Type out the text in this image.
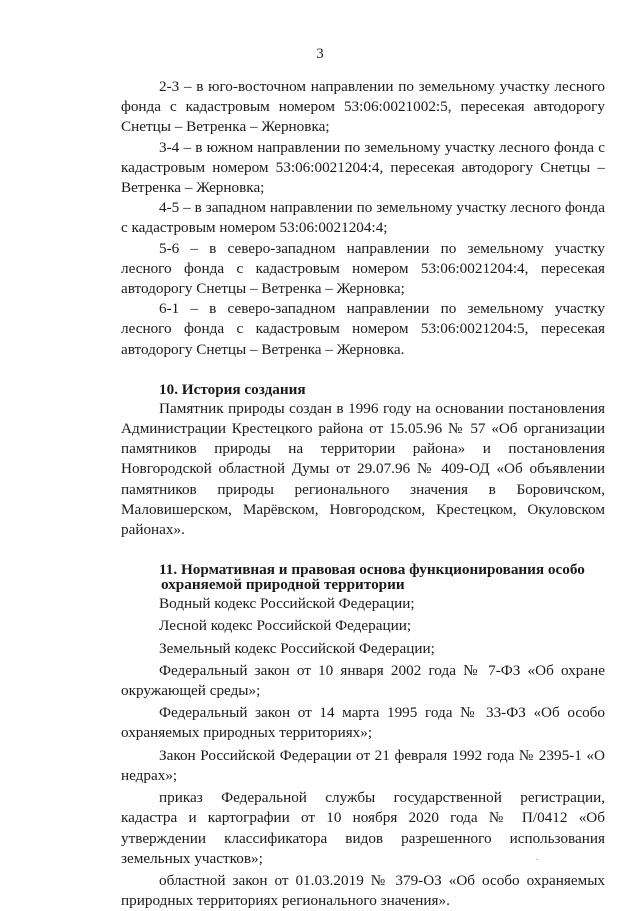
3

2-3 – в юго-восточном направлении по земельному участку лесного фонда с кадастровым номером 53:06:0021002:5, пересекая автодорогу Снетцы – Ветренка – Жерновка;

3-4 – в южном направлении по земельному участку лесного фонда с кадастровым номером 53:06:0021204:4, пересекая автодорогу Снетцы – Ветренка – Жерновка;

4-5 – в западном направлении по земельному участку лесного фонда с кадастровым номером 53:06:0021204:4;

5-6 – в северо-западном направлении по земельному участку лесного фонда с кадастровым номером 53:06:0021204:4, пересекая автодорогу Снетцы – Ветренка – Жерновка;

6-1 – в северо-западном направлении по земельному участку лесного фонда с кадастровым номером 53:06:0021204:5, пересекая автодорогу Снетцы – Ветренка – Жерновка.

10. История создания

Памятник природы создан в 1996 году на основании постановления Администрации Крестецкого района от 15.05.96 № 57 «Об организации памятников природы на территории района» и постановления Новгородской областной Думы от 29.07.96 № 409-ОД «Об объявлении памятников природы регионального значения в Боровичском, Маловишерском, Марёвском, Новгородском, Крестецком, Окуловском районах».

11. Нормативная и правовая основа функционирования особо
охраняемой природной территории

Водный кодекс Российской Федерации;

Лесной кодекс Российской Федерации;

Земельный кодекс Российской Федерации;

Федеральный закон от 10 января 2002 года № 7-ФЗ «Об охране окружающей среды»;

Федеральный закон от 14 марта 1995 года № 33-ФЗ «Об особо охраняемых природных территориях»;

Закон Российской Федерации от 21 февраля 1992 года № 2395-1 «О недрах»;

приказ Федеральной службы государственной регистрации, кадастра и картографии от 10 ноября 2020 года № П/0412 «Об утверждении классификатора видов разрешенного использования земельных участков»;

областной закон от 01.03.2019 № 379-ОЗ «Об особо охраняемых природных территориях регионального значения».
